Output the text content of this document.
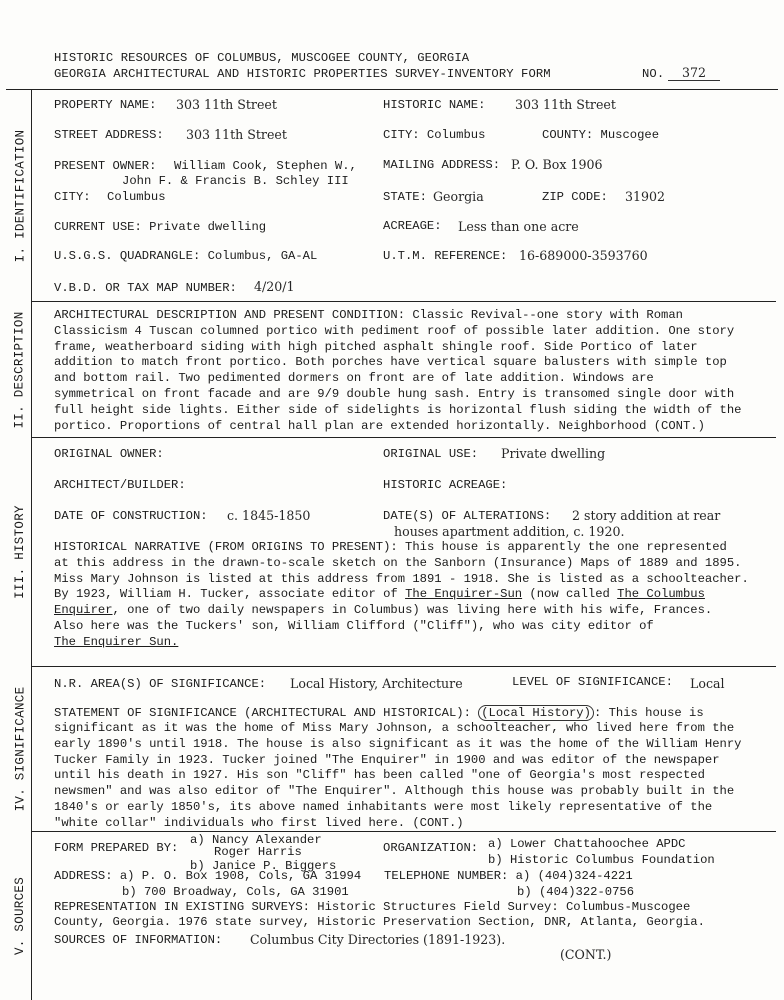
HISTORIC RESOURCES OF COLUMBUS, MUSCOGEE COUNTY, GEORGIA
GEORGIA ARCHITECTURAL AND HISTORIC PROPERTIES SURVEY-INVENTORY FORM	NO.	372
I. IDENTIFICATION
II. DESCRIPTION
III. HISTORY
IV. SIGNIFICANCE
V. SOURCES
PROPERTY NAME: 303 11th Street	HISTORIC NAME: 303 11th Street
STREET ADDRESS: 303 11th Street	CITY: Columbus	COUNTY: Muscogee
PRESENT OWNER: William Cook, Stephen W.,
John F. & Francis B. Schley III
MAILING ADDRESS: P. O. Box 1906
CITY: Columbus	STATE: Georgia	ZIP CODE: 31902
CURRENT USE: Private dwelling	ACREAGE: Less than one acre
U.S.G.S. QUADRANGLE: Columbus, GA-AL	U.T.M. REFERENCE: 16-689000-3593760
V.B.D. OR TAX MAP NUMBER: 4/20/1
ARCHITECTURAL DESCRIPTION AND PRESENT CONDITION: Classic Revival--one story with Roman
Classicism 4 Tuscan columned portico with pediment roof of possible later addition. One story
frame, weatherboard siding with high pitched asphalt shingle roof. Side Portico of later
addition to match front portico. Both porches have vertical square balusters with simple top
and bottom rail. Two pedimented dormers on front are of late addition. Windows are
symmetrical on front facade and are 9/9 double hung sash. Entry is transomed single door with
full height side lights. Either side of sidelights is horizontal flush siding the width of the
portico. Proportions of central hall plan are extended horizontally. Neighborhood (CONT.)
ORIGINAL OWNER:	ORIGINAL USE: Private dwelling
ARCHITECT/BUILDER:	HISTORIC ACREAGE:
DATE OF CONSTRUCTION: c. 1845-1850	DATE(S) OF ALTERATIONS: 2 story addition at rear
houses apartment addition, c. 1920.
HISTORICAL NARRATIVE (FROM ORIGINS TO PRESENT): This house is apparently the one represented
at this address in the drawn-to-scale sketch on the Sanborn (Insurance) Maps of 1889 and 1895.
Miss Mary Johnson is listed at this address from 1891 - 1918. She is listed as a schoolteacher.
By 1923, William H. Tucker, associate editor of The Enquirer-Sun (now called The Columbus
Enquirer, one of two daily newspapers in Columbus) was living here with his wife, Frances.
Also here was the Tuckers' son, William Clifford ("Cliff"), who was city editor of
The Enquirer Sun.
N.R. AREA(S) OF SIGNIFICANCE: Local History, Architecture	LEVEL OF SIGNIFICANCE: Local
STATEMENT OF SIGNIFICANCE (ARCHITECTURAL AND HISTORICAL): (Local History) : This house is
significant as it was the home of Miss Mary Johnson, a schoolteacher, who lived here from the
early 1890's until 1918. The house is also significant as it was the home of the William Henry
Tucker Family in 1923. Tucker joined "The Enquirer" in 1900 and was editor of the newspaper
until his death in 1927. His son "Cliff" has been called "one of Georgia's most respected
newsmen" and was also editor of "The Enquirer". Although this house was probably built in the
1840's or early 1850's, its above named inhabitants were most likely representative of the
"white collar" individuals who first lived here. (CONT.)
FORM PREPARED BY:
a) Nancy Alexander
Roger Harris
b) Janice P. Biggers
ORGANIZATION: a) Lower Chattahoochee APDC
b) Historic Columbus Foundation
ADDRESS: a) P. O. Box 1908, Cols, GA 31994 TELEPHONE NUMBER: a) (404)324-4221
b) 700 Broadway, Cols, GA 31901	b) (404)322-0756
REPRESENTATION IN EXISTING SURVEYS: Historic Structures Field Survey: Columbus-Muscogee
County, Georgia. 1976 state survey, Historic Preservation Section, DNR, Atlanta, Georgia.
SOURCES OF INFORMATION: Columbus City Directories (1891-1923).
(CONT.)
